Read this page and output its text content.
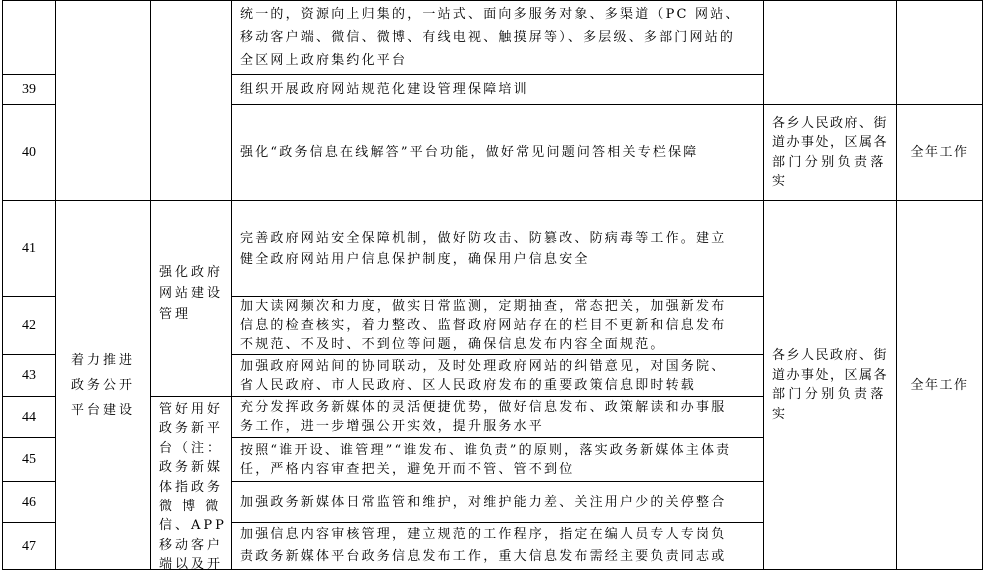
39
40
41
42
43
44
45
46
47
着力推进
政务公开
平台建设
强化政府
网站建设
管理
管好用好
政务新平
台（注：
政务新媒
体指政务
微 博 微
信、APP
移动客户
端以及开
统一的，资源向上归集的，一站式、面向多服务对象、多渠道（PC 网站、
移动客户端、微信、微博、有线电视、触摸屏等）、多层级、多部门网站的
全区网上政府集约化平台
组织开展政府网站规范化建设管理保障培训
强化“政务信息在线解答”平台功能，做好常见问题问答相关专栏保障
完善政府网站安全保障机制，做好防攻击、防篡改、防病毒等工作。建立
健全政府网站用户信息保护制度，确保用户信息安全
加大读网频次和力度，做实日常监测，定期抽查，常态把关，加强新发布
信息的检查核实，着力整改、监督政府网站存在的栏目不更新和信息发布
不规范、不及时、不到位等问题，确保信息发布内容全面规范。
加强政府网站间的协同联动，及时处理政府网站的纠错意见，对国务院、
省人民政府、市人民政府、区人民政府发布的重要政策信息即时转载
充分发挥政务新媒体的灵活便捷优势，做好信息发布、政策解读和办事服
务工作，进一步增强公开实效，提升服务水平
按照“谁开设、谁管理”“谁发布、谁负责”的原则，落实政务新媒体主体责
任，严格内容审查把关，避免开而不管、管不到位
加强政务新媒体日常监管和维护，对维护能力差、关注用户少的关停整合
加强信息内容审核管理，建立规范的工作程序，指定在编人员专人专岗负
责政务新媒体平台政务信息发布工作，重大信息发布需经主要负责同志或
各乡人民政府、街
道办事处，区属各
部门分别负责落
实
各乡人民政府、街
道办事处，区属各
部门分别负责落
实
全年工作
全年工作
